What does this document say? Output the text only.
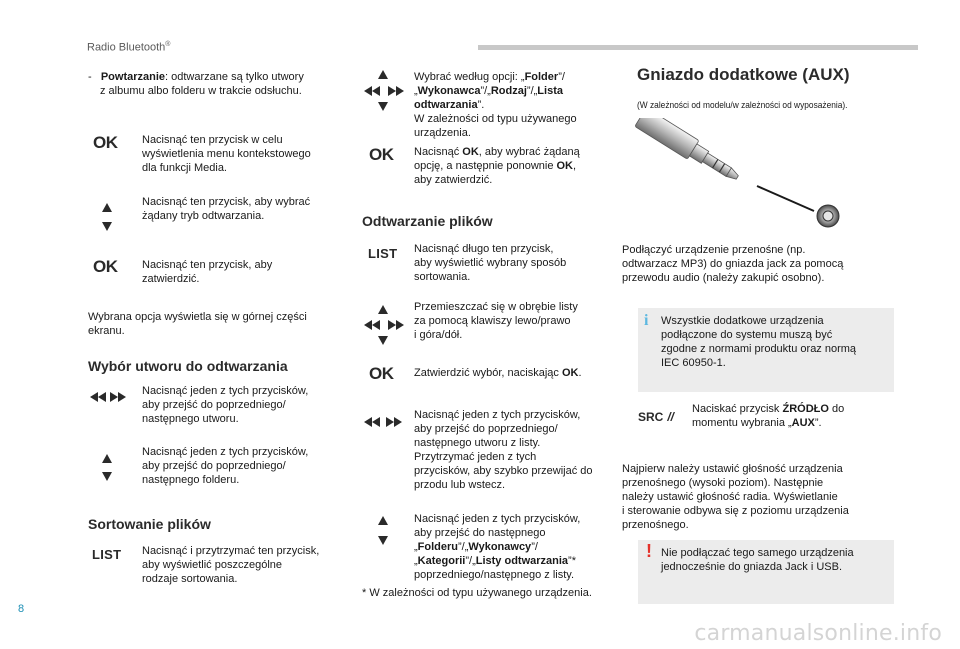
Radio Bluetooth®
- Powtarzanie: odtwarzane są tylko utwory
z albumu albo folderu w trakcie odsłuchu.
OK Nacisnąć ten przycisk w celu
wyświetlenia menu kontekstowego
dla funkcji Media.
Nacisnąć ten przycisk, aby wybrać
żądany tryb odtwarzania.
OK Nacisnąć ten przycisk, aby
zatwierdzić.
Wybrana opcja wyświetla się w górnej części
ekranu.
Wybór utworu do odtwarzania
Nacisnąć jeden z tych przycisków,
aby przejść do poprzedniego/
następnego utworu.
Nacisnąć jeden z tych przycisków,
aby przejść do poprzedniego/
następnego folderu.
Sortowanie plików
LIST Nacisnąć i przytrzymać ten przycisk,
aby wyświetlić poszczególne
rodzaje sortowania.
Wybrać według opcji: „Folder”/
„Wykonawca”/„Rodzaj”/„Lista
odtwarzania”.
W zależności od typu używanego
urządzenia.
OK Nacisnąć OK, aby wybrać żądaną
opcję, a następnie ponownie OK,
aby zatwierdzić.
Odtwarzanie plików
LIST Nacisnąć długo ten przycisk,
aby wyświetlić wybrany sposób
sortowania.
Przemieszczać się w obrębie listy
za pomocą klawiszy lewo/prawo
i góra/dół.
OK Zatwierdzić wybór, naciskając OK.
Nacisnąć jeden z tych przycisków,
aby przejść do poprzedniego/
następnego utworu z listy.
Przytrzymać jeden z tych
przycisków, aby szybko przewijać do
przodu lub wstecz.
Nacisnąć jeden z tych przycisków,
aby przejść do następnego
„Folderu”/„Wykonawcy”/
„Kategorii”/„Listy odtwarzania”*
poprzedniego/następnego z listy.
* W zależności od typu używanego urządzenia.
Gniazdo dodatkowe (AUX)
(W zależności od modelu/w zależności od wyposażenia).
Podłączyć urządzenie przenośne (np.
odtwarzacz MP3) do gniazda jack za pomocą
przewodu audio (należy zakupić osobno).
i Wszystkie dodatkowe urządzenia
podłączone do systemu muszą być
zgodne z normami produktu oraz normą
IEC 60950-1.
SRC //
Naciskać przycisk ŹRÓDŁO do
momentu wybrania „AUX”.
Najpierw należy ustawić głośność urządzenia
przenośnego (wysoki poziom). Następnie
należy ustawić głośność radia. Wyświetlanie
i sterowanie odbywa się z poziomu urządzenia
przenośnego.
! Nie podłączać tego samego urządzenia
jednocześnie do gniazda Jack i USB.
8
carmanualsonline.info
